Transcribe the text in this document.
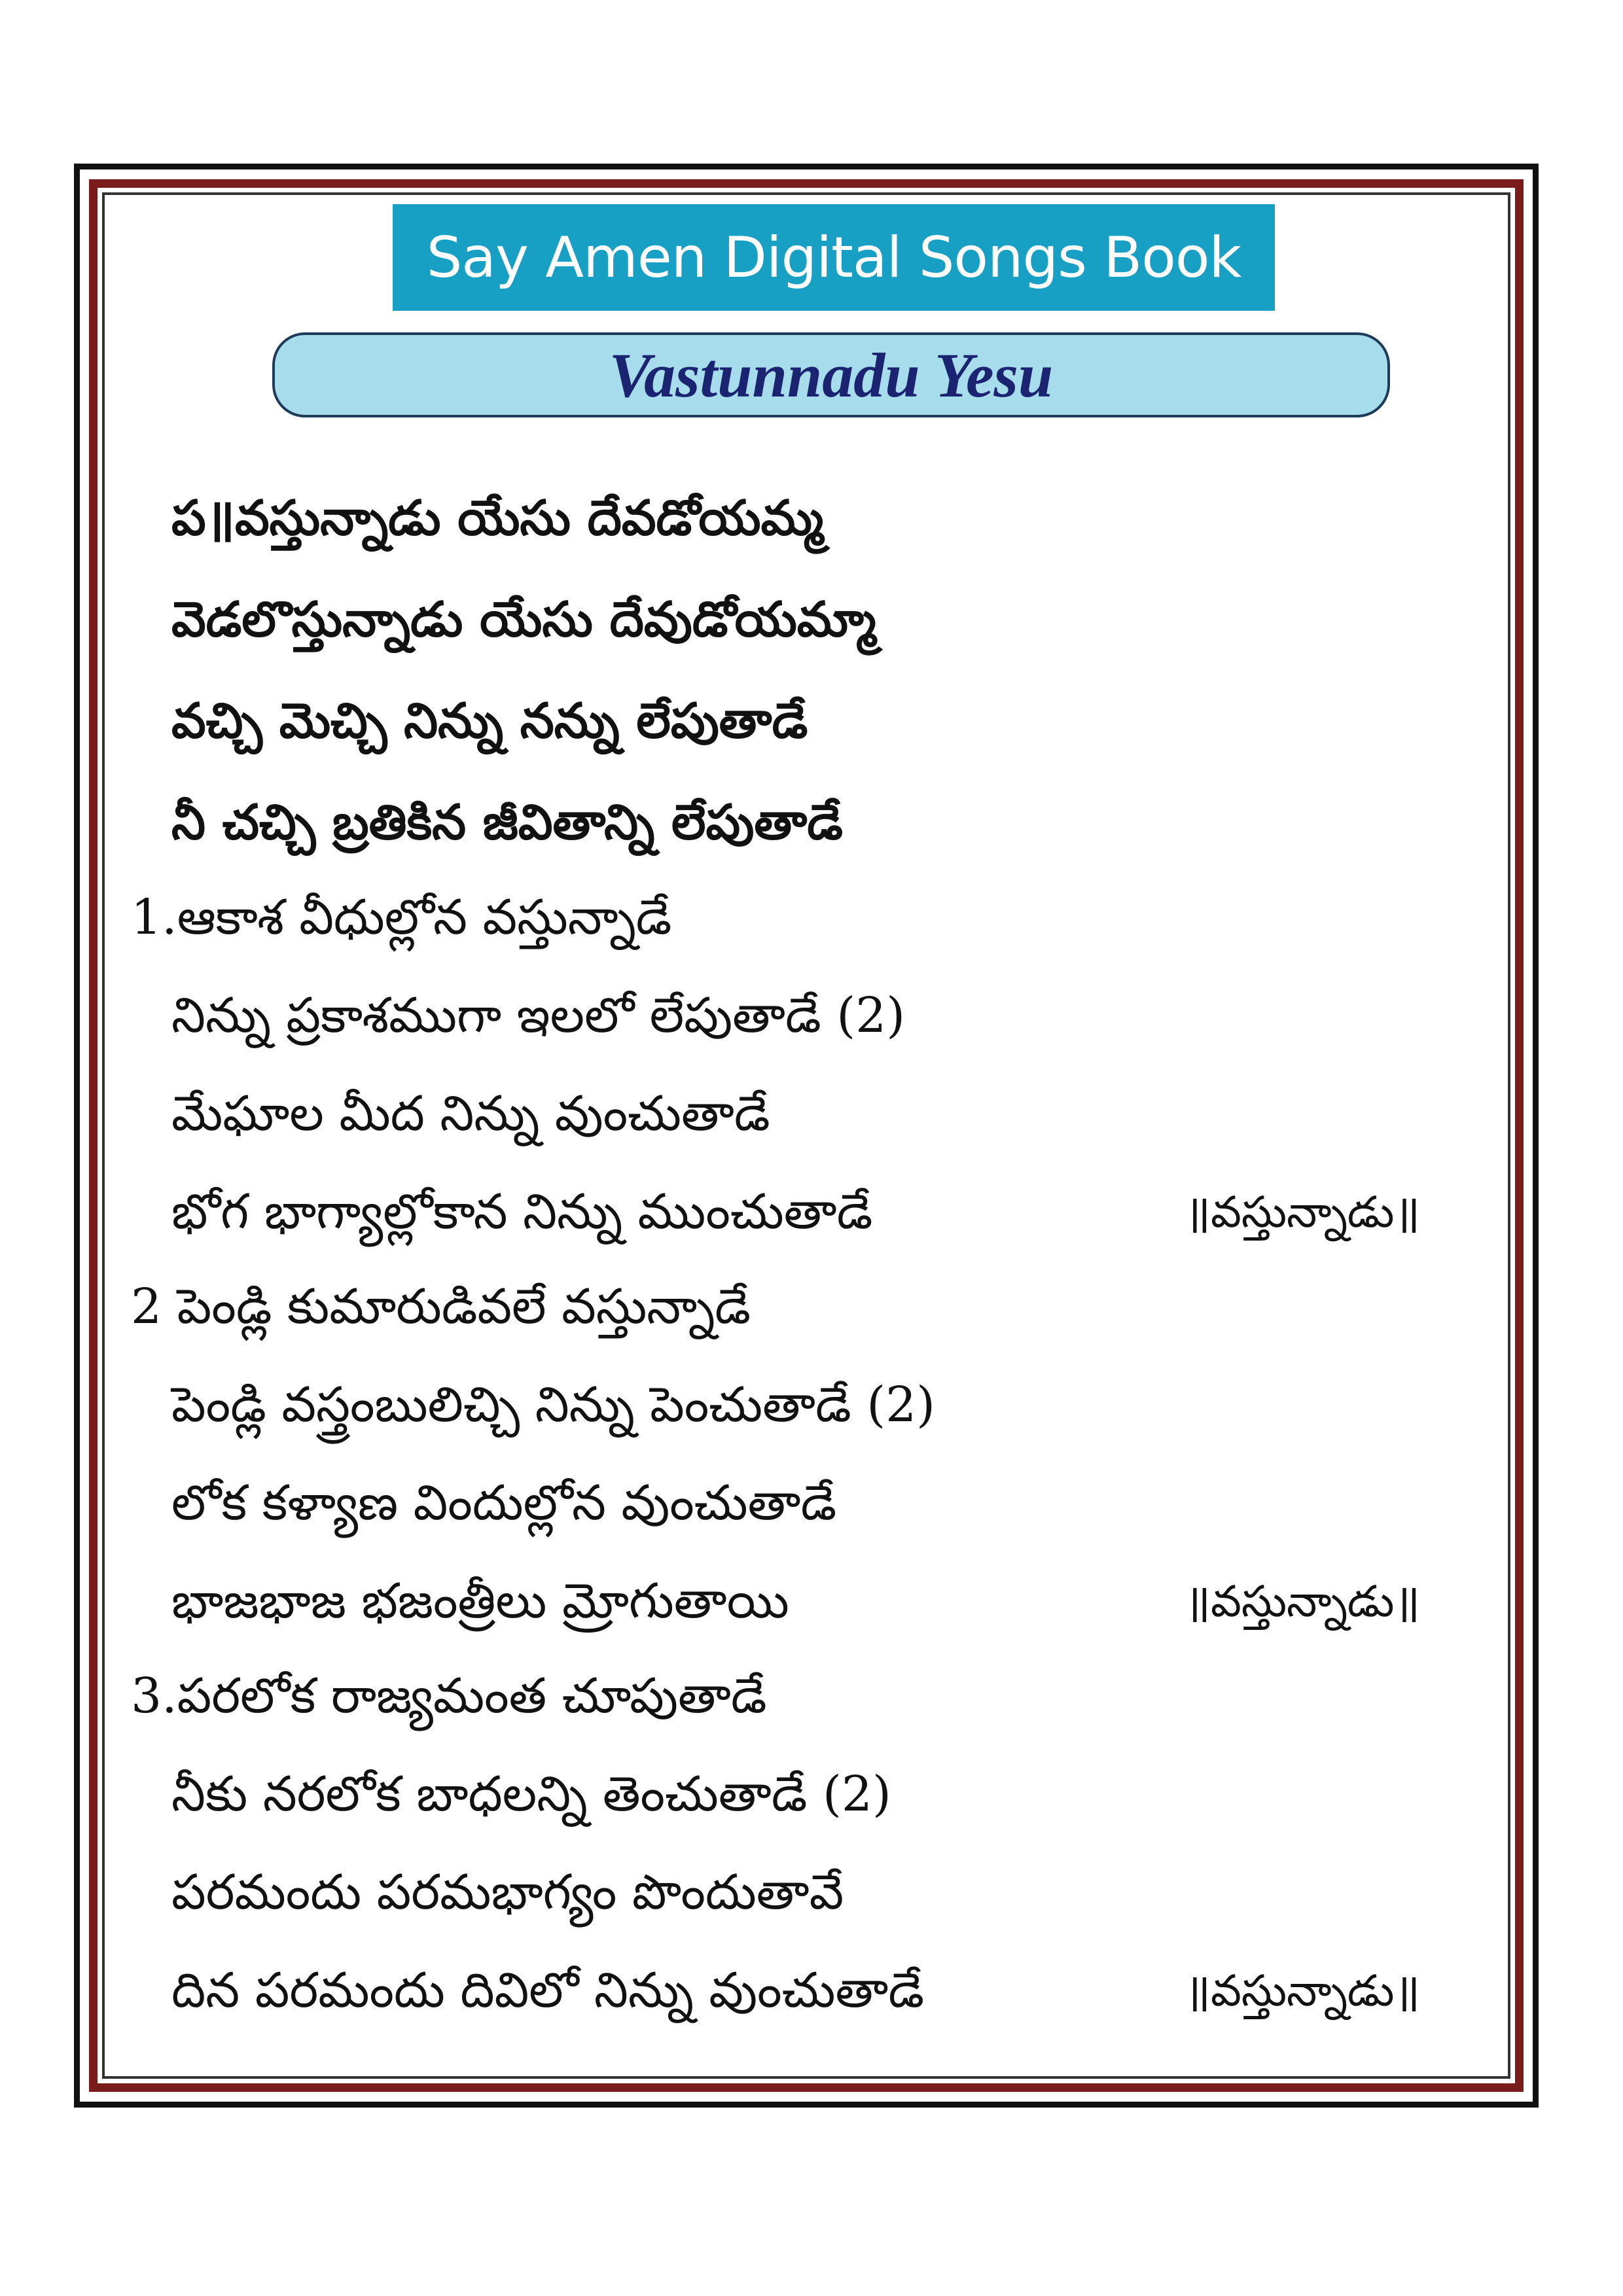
Say Amen Digital Songs Book
Vastunnadu Yesu
ప॥వస్తున్నాడు యేసు దేవడోయమ్మ
వెడలొస్తున్నాడు యేసు దేవుడోయమ్మా
వచ్చి మెచ్చి నిన్ను నన్ను లేపుతాడే
నీ చచ్చి బ్రతికిన జీవితాన్ని లేపుతాడే
1.ఆకాశ వీధుల్లోన వస్తున్నాడే
నిన్ను ప్రకాశముగా ఇలలో లేపుతాడే (2)
మేఘాల మీద నిన్ను వుంచుతాడే
భోగ భాగ్యాల్లోకాన నిన్ను ముంచుతాడే	॥వస్తున్నాడు॥
2 పెండ్లి కుమారుడివలే వస్తున్నాడే
పెండ్లి వస్త్రంబులిచ్చి నిన్ను పెంచుతాడే (2)
లోక కళ్యాణ విందుల్లోన వుంచుతాడే
భాజభాజ భజంత్రీలు మ్రోగుతాయి	॥వస్తున్నాడు॥
3.పరలోక రాజ్యమంత చూపుతాడే
నీకు నరలోక బాధలన్ని తెంచుతాడే (2)
పరమందు పరమభాగ్యం పొందుతావే
దిన పరమందు దివిలో నిన్ను వుంచుతాడే	॥వస్తున్నాడు॥
